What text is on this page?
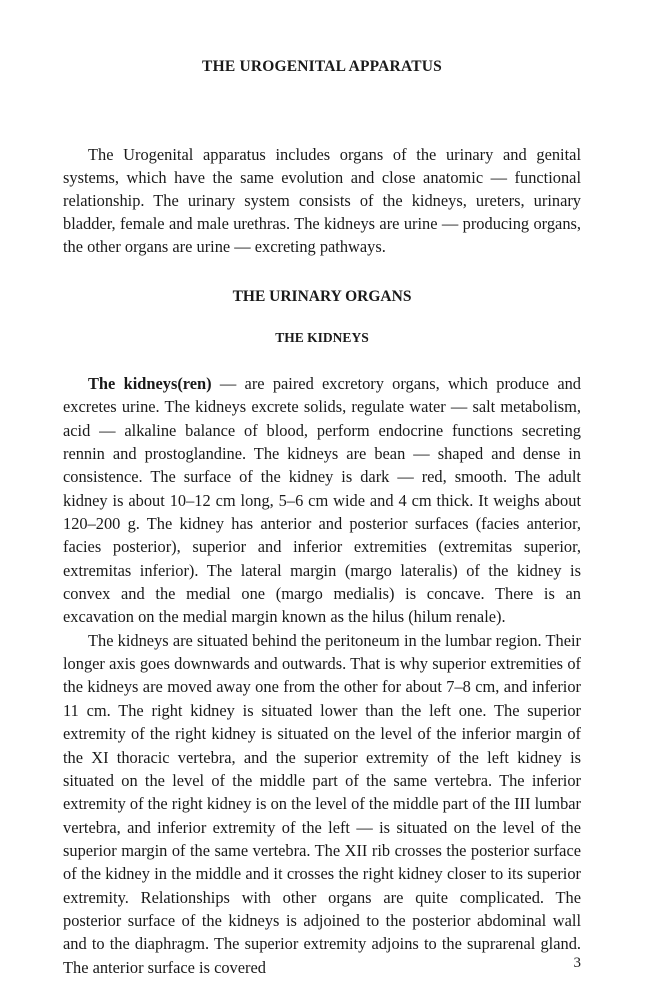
THE UROGENITAL APPARATUS

The Urogenital apparatus includes organs of the urinary and genital systems, which have the same evolution and close anatomic — functional relationship. The urinary system consists of the kidneys, ureters, urinary bladder, female and male urethras. The kidneys are urine — producing organs, the other organs are urine — excreting pathways.

THE URINARY ORGANS
THE KIDNEYS

The kidneys(ren) — are paired excretory organs, which produce and excretes urine. The kidneys excrete solids, regulate water — salt metabolism, acid — alkaline balance of blood, perform endocrine functions secreting rennin and prostoglandine. The kidneys are bean — shaped and dense in consistence. The surface of the kidney is dark — red, smooth. The adult kidney is about 10–12 cm long, 5–6 cm wide and 4 cm thick. It weighs about 120–200 g. The kidney has anterior and posterior surfaces (facies anterior, facies posterior), superior and inferior extremities (extremitas superior, extremitas inferior). The lateral margin (margo lateralis) of the kidney is convex and the medial one (margo medialis) is concave. There is an excavation on the medial margin known as the hilus (hilum renale).

The kidneys are situated behind the peritoneum in the lumbar region. Their longer axis goes downwards and outwards. That is why superior extremities of the kidneys are moved away one from the other for about 7–8 cm, and inferior 11 cm. The right kidney is situated lower than the left one. The superior extremity of the right kidney is situated on the level of the inferior margin of the XI thoracic vertebra, and the superior extremity of the left kidney is situated on the level of the middle part of the same vertebra. The inferior extremity of the right kidney is on the level of the middle part of the III lumbar vertebra, and inferior extremity of the left — is situated on the level of the superior margin of the same vertebra. The XII rib crosses the posterior surface of the kidney in the middle and it crosses the right kidney closer to its superior extremity. Relationships with other organs are quite complicated. The posterior surface of the kidneys is adjoined to the posterior abdominal wall and to the diaphragm. The superior extremity adjoins to the suprarenal gland. The anterior surface is covered	3
